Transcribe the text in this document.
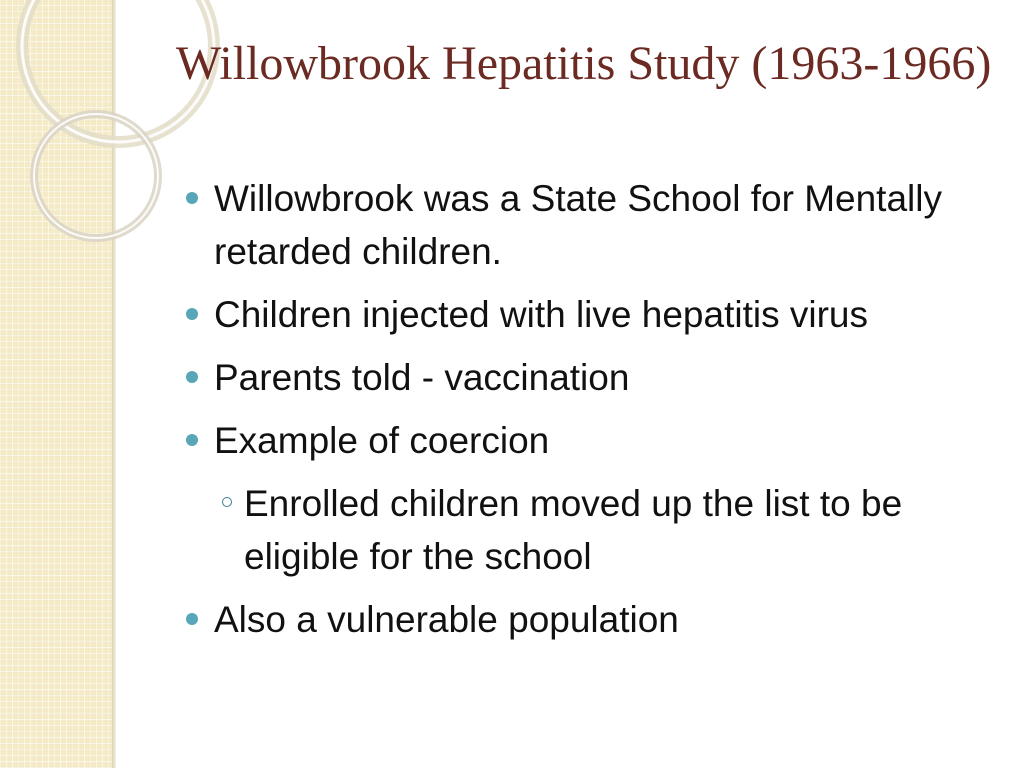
Willowbrook Hepatitis Study (1963-1966)
Willowbrook was a State School for Mentally retarded children.
Children injected with live hepatitis virus
Parents told - vaccination
Example of coercion
Enrolled children moved up the list to be eligible for the school
Also a vulnerable population
